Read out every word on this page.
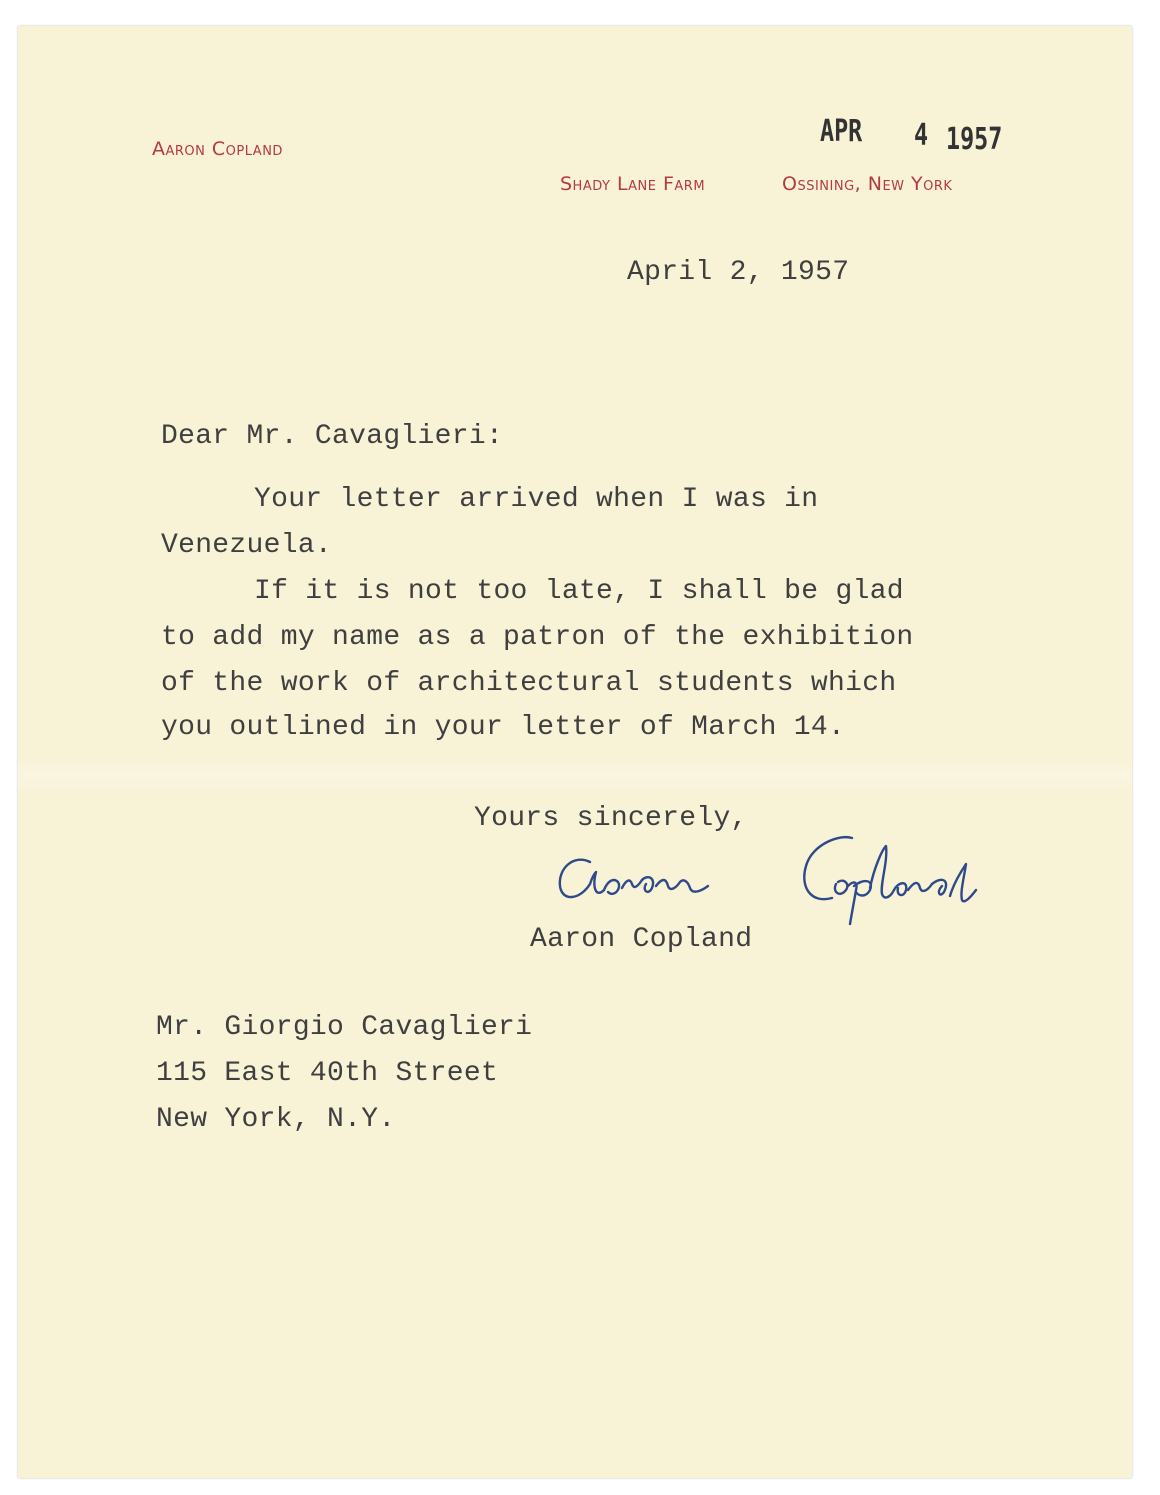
Aaron Copland
Shady Lane Farm	Ossining, New York
APR 4 1957
April 2, 1957
Dear Mr. Cavaglieri:
Your letter arrived when I was in
Venezuela.
If it is not too late, I shall be glad
to add my name as a patron of the exhibition
of the work of architectural students which
you outlined in your letter of March 14.
Yours sincerely,
Aaron Copland
Mr. Giorgio Cavaglieri
115 East 40th Street
New York, N.Y.
